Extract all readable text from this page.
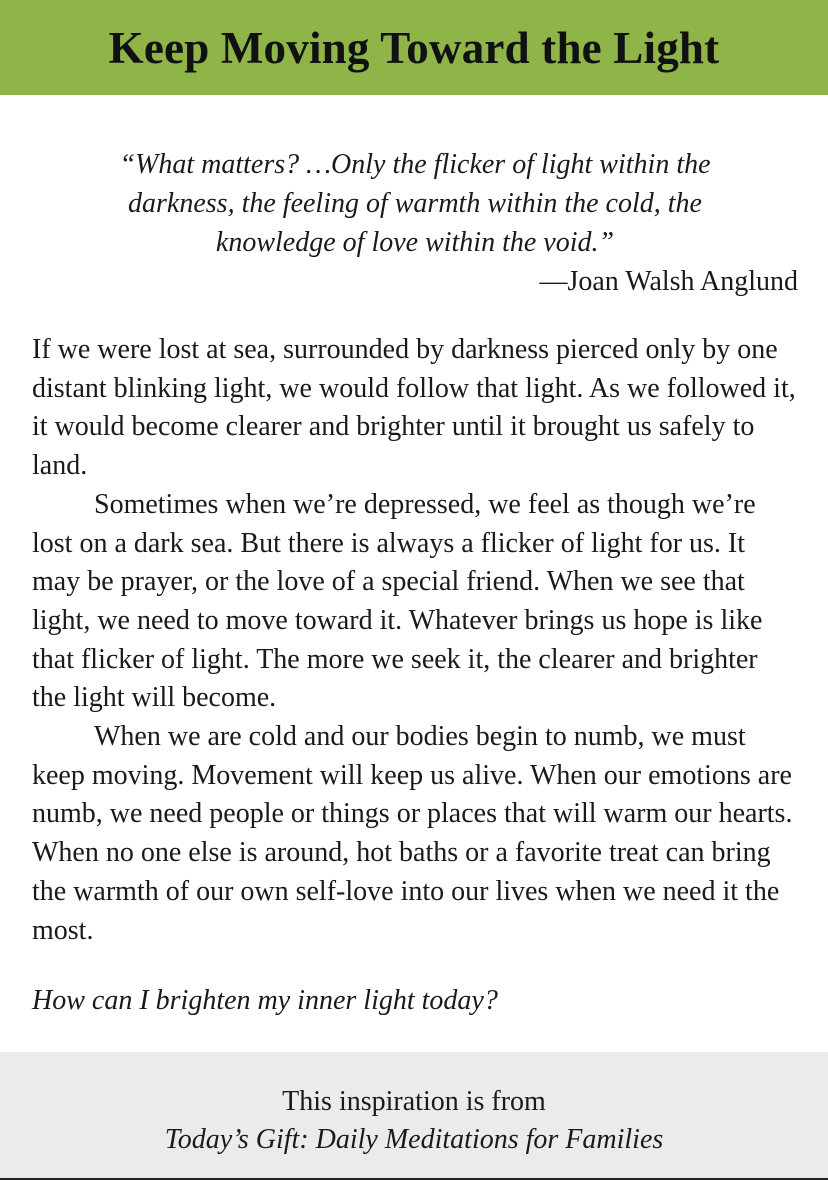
Keep Moving Toward the Light

“What matters? …Only the flicker of light within the darkness, the feeling of warmth within the cold, the knowledge of love within the void.”

—Joan Walsh Anglund

If we were lost at sea, surrounded by darkness pierced only by one distant blinking light, we would follow that light. As we followed it, it would become clearer and brighter until it brought us safely to land.

Sometimes when we’re depressed, we feel as though we’re lost on a dark sea. But there is always a flicker of light for us. It may be prayer, or the love of a special friend. When we see that light, we need to move toward it. Whatever brings us hope is like that flicker of light. The more we seek it, the clearer and brighter the light will become.

When we are cold and our bodies begin to numb, we must keep moving. Movement will keep us alive. When our emotions are numb, we need people or things or places that will warm our hearts. When no one else is around, hot baths or a favorite treat can bring the warmth of our own self-love into our lives when we need it the most.

How can I brighten my inner light today?

This inspiration is from
Today’s Gift: Daily Meditations for Families
